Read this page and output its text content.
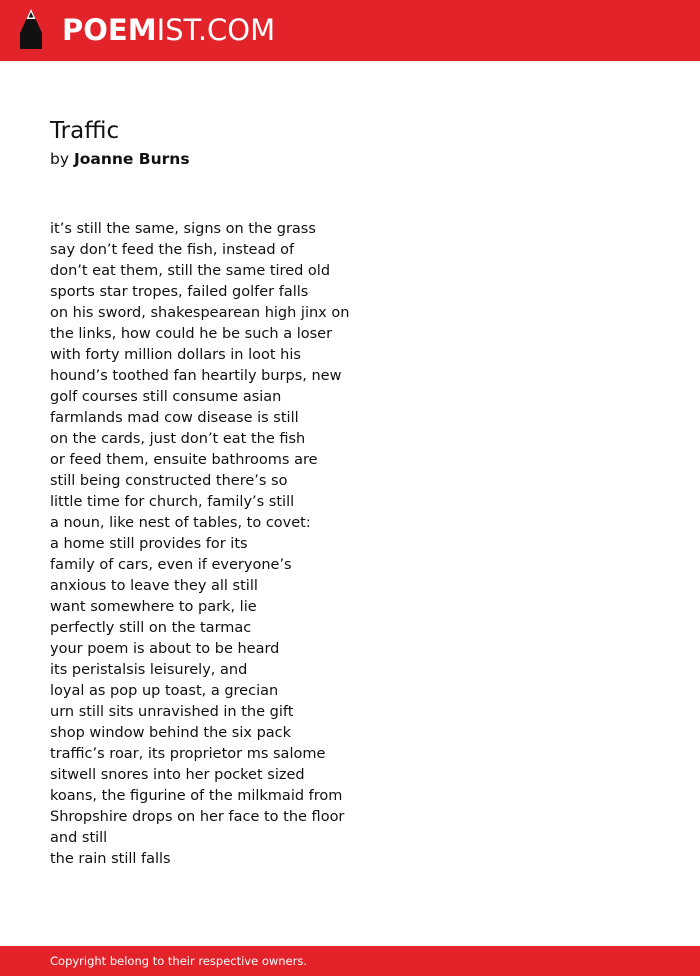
POEMIST.COM
Traffic
by Joanne Burns
it’s still the same, signs on the grass
say don’t feed the fish, instead of
don’t eat them, still the same tired old
sports star tropes, failed golfer falls
on his sword, shakespearean high jinx on
the links, how could he be such a loser
with forty million dollars in loot his
hound’s toothed fan heartily burps, new
golf courses still consume asian
farmlands mad cow disease is still
on the cards, just don’t eat the fish
or feed them, ensuite bathrooms are
still being constructed there’s so
little time for church, family’s still
a noun, like nest of tables, to covet:
a home still provides for its
family of cars, even if everyone’s
anxious to leave they all still
want somewhere to park, lie
perfectly still on the tarmac
your poem is about to be heard
its peristalsis leisurely, and
loyal as pop up toast, a grecian
urn still sits unravished in the gift
shop window behind the six pack
traffic’s roar, its proprietor ms salome
sitwell snores into her pocket sized
koans, the figurine of the milkmaid from
Shropshire drops on her face to the floor
and still
the rain still falls
Copyright belong to their respective owners.
